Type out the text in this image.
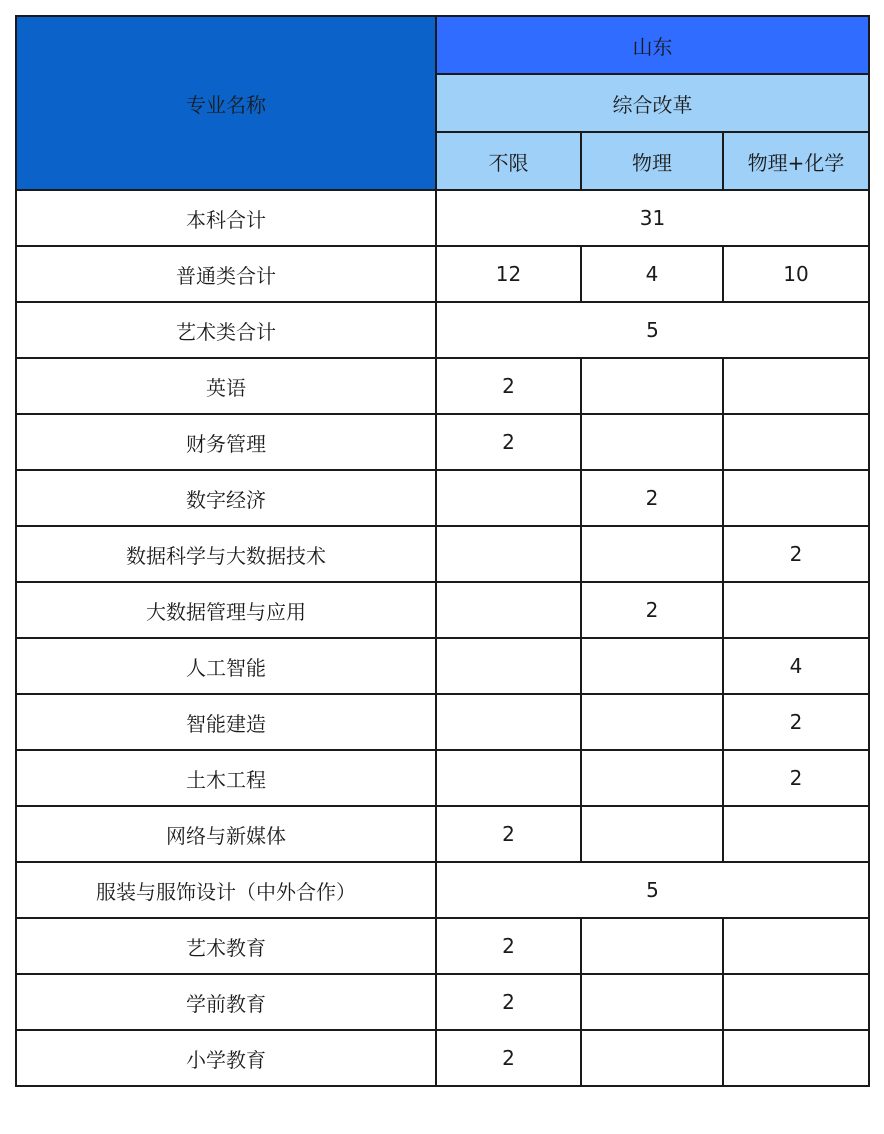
专业名称	山东		
	综合改革		
	不限	物理	物理+化学
本科合计	31		
普通类合计	12	4	10
艺术类合计	5		
英语	2		
财务管理	2		
数字经济		2	
数据科学与大数据技术			2
大数据管理与应用		2	
人工智能			4
智能建造			2
土木工程			2
网络与新媒体	2		
服装与服饰设计（中外合作）	5		
艺术教育	2		
学前教育	2		
小学教育	2		
